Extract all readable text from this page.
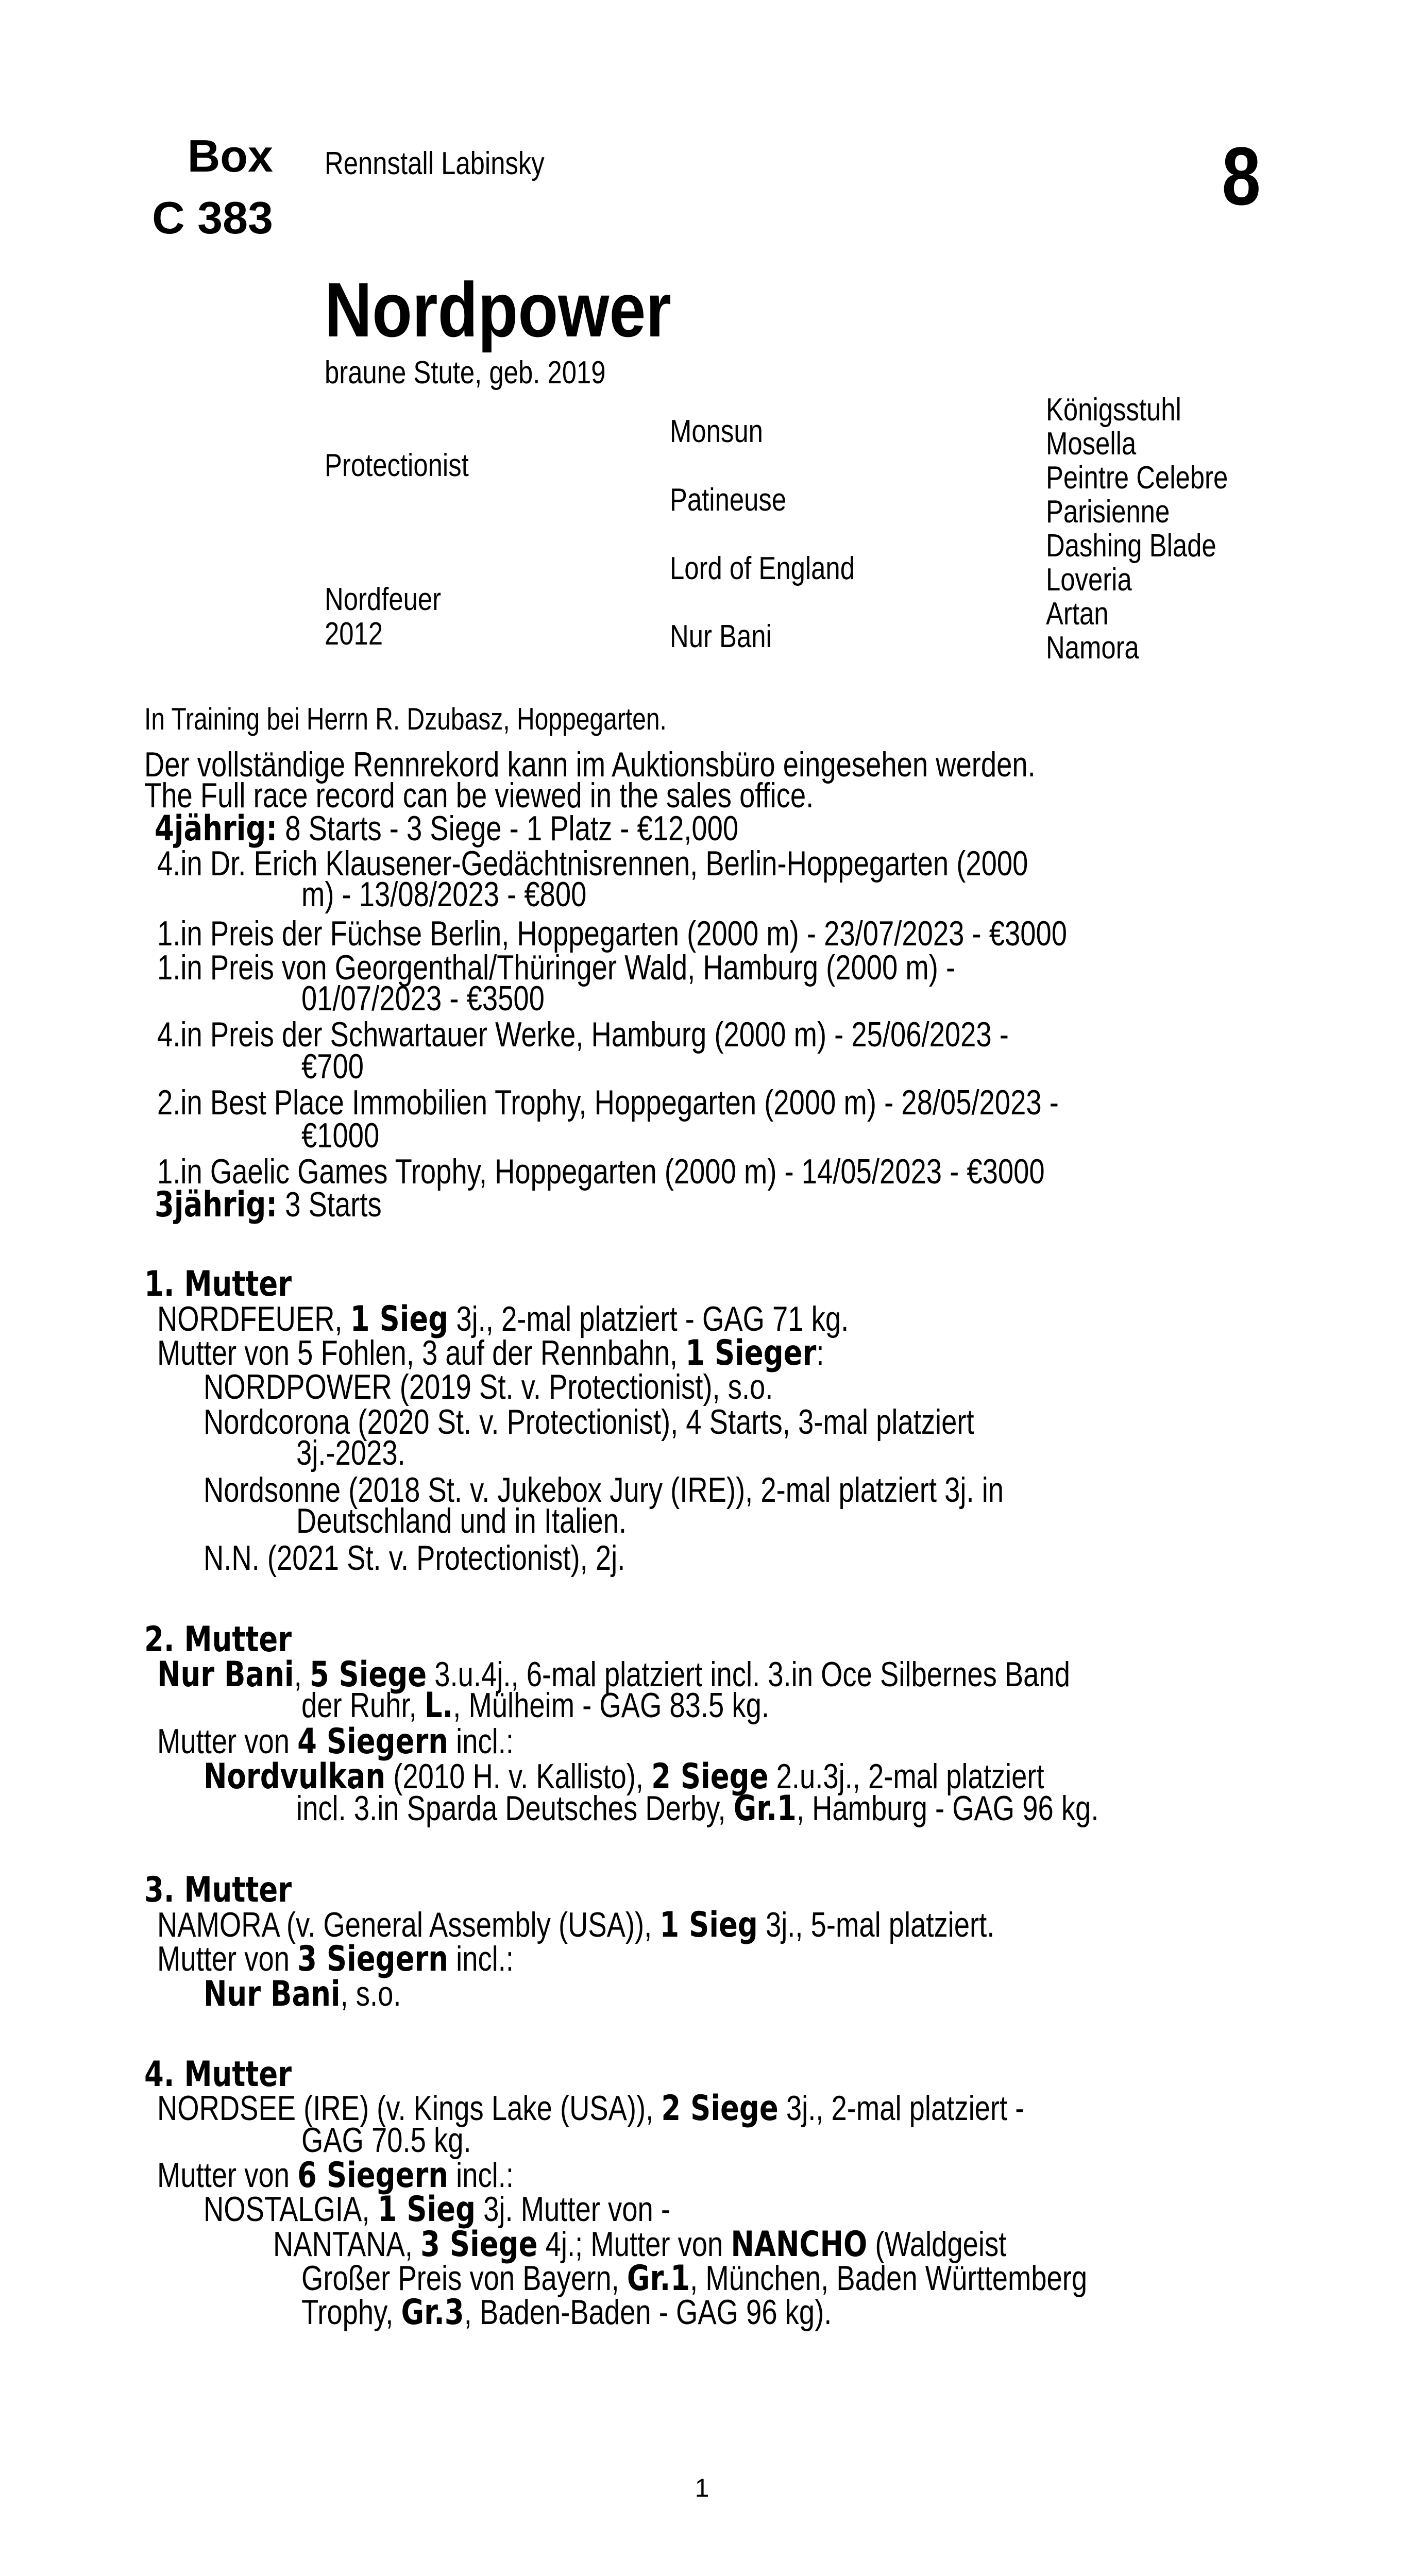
Box
C 383
Rennstall Labinsky	8
Nordpower
braune Stute, geb. 2019
Protectionist
Nordfeuer
2012
Monsun
Patineuse
Lord of England
Nur Bani
Königsstuhl
Mosella
Peintre Celebre
Parisienne
Dashing Blade
Loveria
Artan
Namora
In Training bei Herrn R. Dzubasz, Hoppegarten.
Der vollständige Rennrekord kann im Auktionsbüro eingesehen werden.
The Full race record can be viewed in the sales office.
4jährig: 8 Starts - 3 Siege - 1 Platz - €12,000
4.in Dr. Erich Klausener-Gedächtnisrennen, Berlin-Hoppegarten (2000
m) - 13/08/2023 - €800
1.in Preis der Füchse Berlin, Hoppegarten (2000 m) - 23/07/2023 - €3000
1.in Preis von Georgenthal/Thüringer Wald, Hamburg (2000 m) -
01/07/2023 - €3500
4.in Preis der Schwartauer Werke, Hamburg (2000 m) - 25/06/2023 -
€700
2.in Best Place Immobilien Trophy, Hoppegarten (2000 m) - 28/05/2023 -
€1000
1.in Gaelic Games Trophy, Hoppegarten (2000 m) - 14/05/2023 - €3000
3jährig: 3 Starts
1. Mutter
NORDFEUER, 1 Sieg 3j., 2-mal platziert - GAG 71 kg.
Mutter von 5 Fohlen, 3 auf der Rennbahn, 1 Sieger:
NORDPOWER (2019 St. v. Protectionist), s.o.
Nordcorona (2020 St. v. Protectionist), 4 Starts, 3-mal platziert
3j.-2023.
Nordsonne (2018 St. v. Jukebox Jury (IRE)), 2-mal platziert 3j. in
Deutschland und in Italien.
N.N. (2021 St. v. Protectionist), 2j.
2. Mutter
Nur Bani, 5 Siege 3.u.4j., 6-mal platziert incl. 3.in Oce Silbernes Band
der Ruhr, L., Mülheim - GAG 83.5 kg.
Mutter von 4 Siegern incl.:
Nordvulkan (2010 H. v. Kallisto), 2 Siege 2.u.3j., 2-mal platziert
incl. 3.in Sparda Deutsches Derby, Gr.1, Hamburg - GAG 96 kg.
3. Mutter
NAMORA (v. General Assembly (USA)), 1 Sieg 3j., 5-mal platziert.
Mutter von 3 Siegern incl.:
Nur Bani, s.o.
4. Mutter
NORDSEE (IRE) (v. Kings Lake (USA)), 2 Siege 3j., 2-mal platziert -
GAG 70.5 kg.
Mutter von 6 Siegern incl.:
NOSTALGIA, 1 Sieg 3j. Mutter von -
NANTANA, 3 Siege 4j.; Mutter von NANCHO (Waldgeist
Großer Preis von Bayern, Gr.1, München, Baden Württemberg
Trophy, Gr.3, Baden-Baden - GAG 96 kg).
1
